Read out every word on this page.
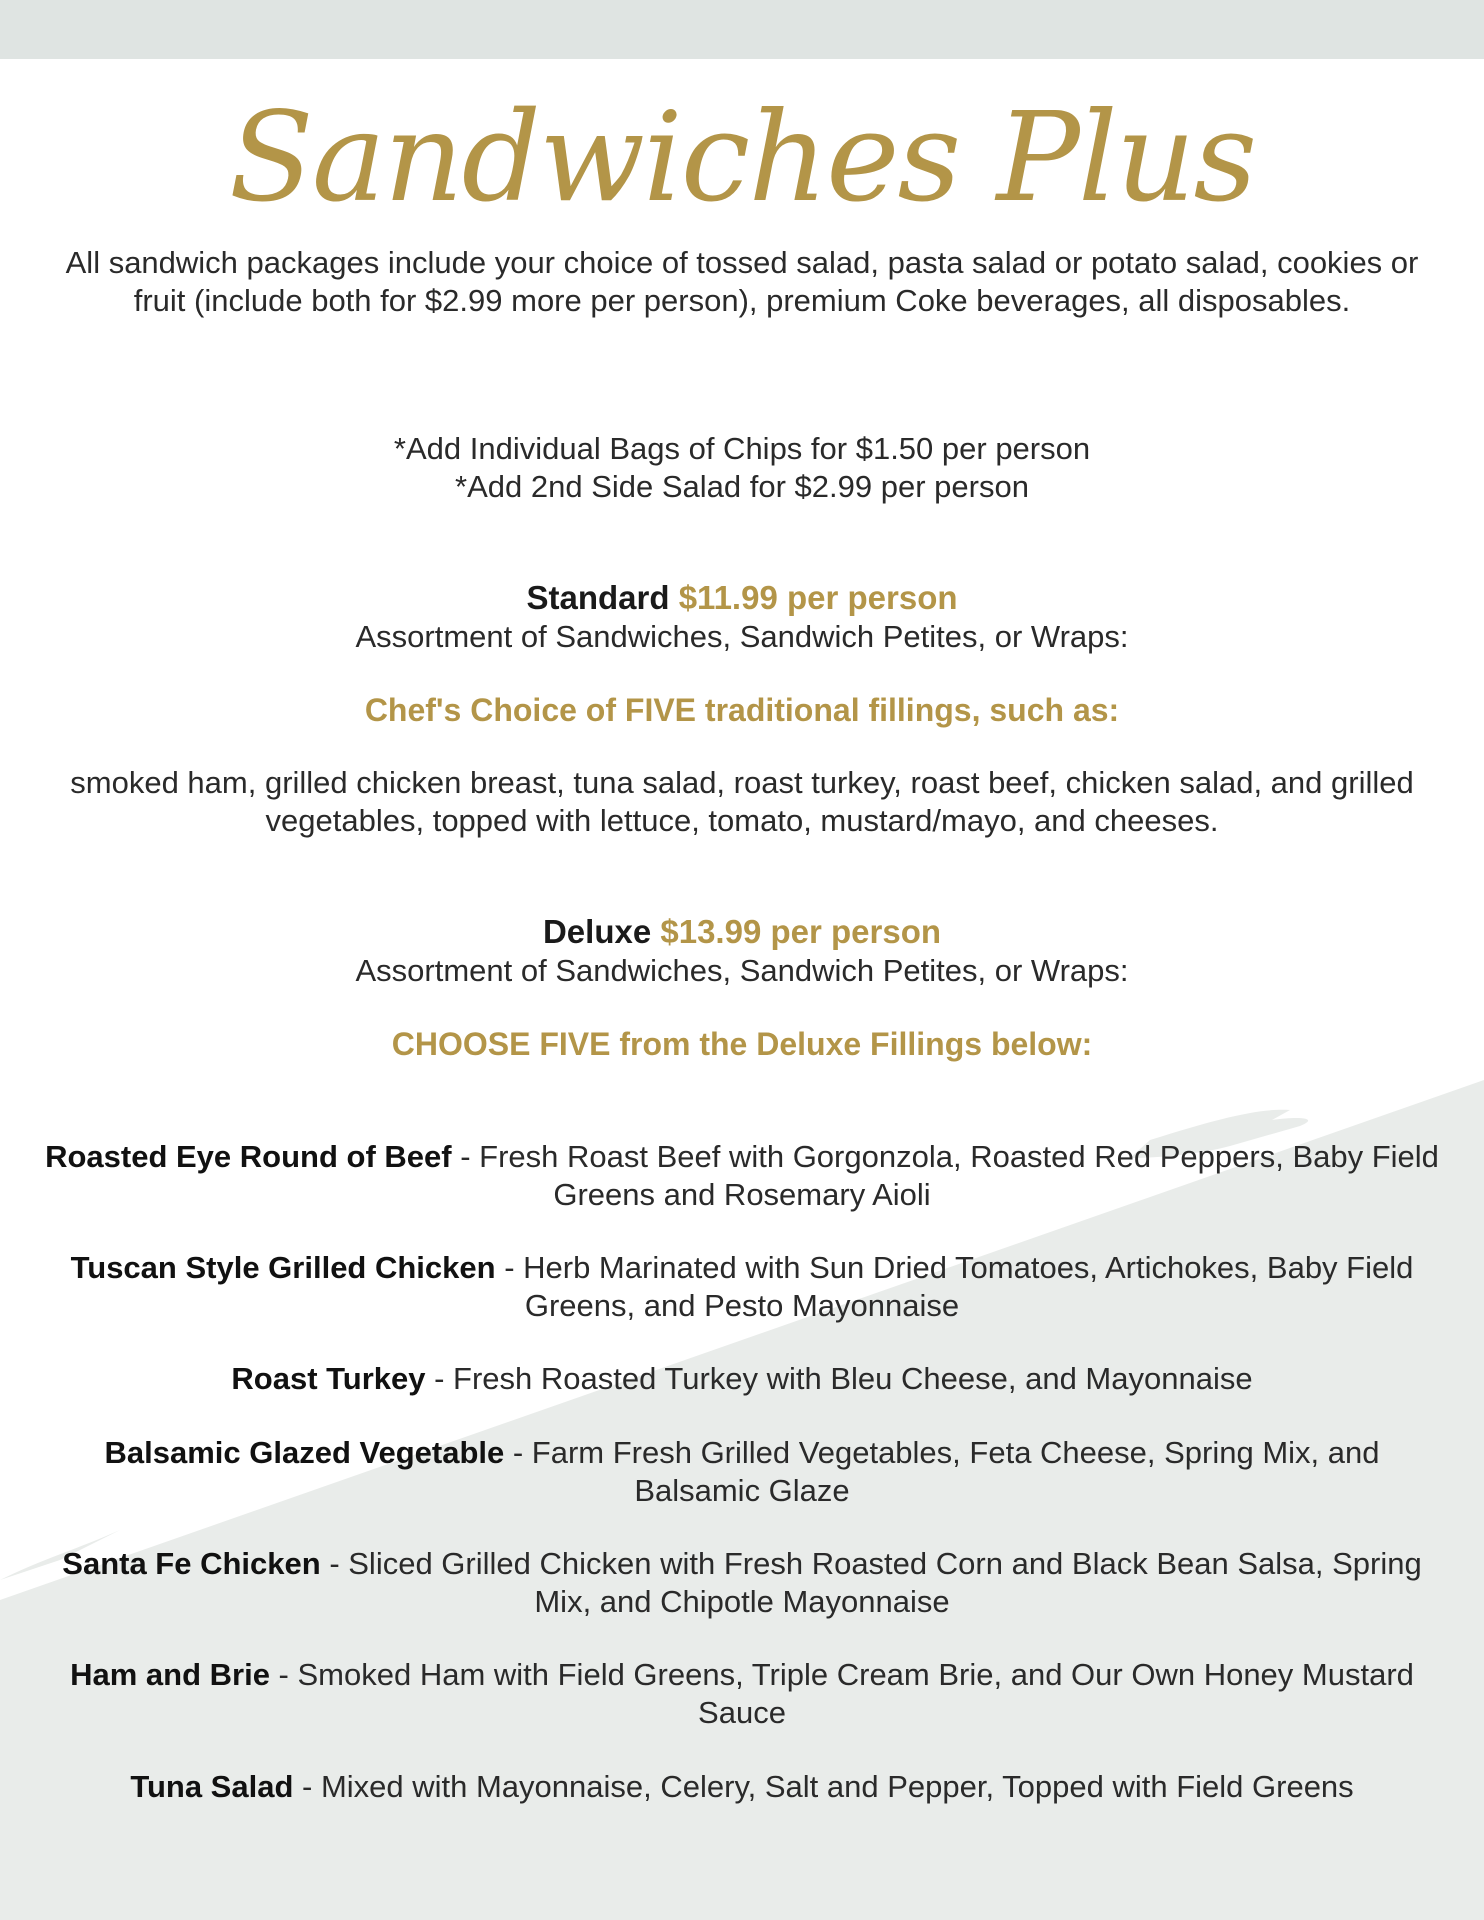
Sandwiches Plus
All sandwich packages include your choice of tossed salad, pasta salad or potato salad, cookies or fruit (include both for $2.99 more per person), premium Coke beverages, all disposables.
*Add Individual Bags of Chips for $1.50 per person
*Add 2nd Side Salad for $2.99 per person
Standard $11.99 per person
Assortment of Sandwiches, Sandwich Petites, or Wraps:
Chef's Choice of FIVE traditional fillings, such as:
smoked ham, grilled chicken breast, tuna salad, roast turkey, roast beef, chicken salad, and grilled vegetables, topped with lettuce, tomato, mustard/mayo, and cheeses.
Deluxe $13.99 per person
Assortment of Sandwiches, Sandwich Petites, or Wraps:
CHOOSE FIVE from the Deluxe Fillings below:
Roasted Eye Round of Beef - Fresh Roast Beef with Gorgonzola, Roasted Red Peppers, Baby Field Greens and Rosemary Aioli
Tuscan Style Grilled Chicken - Herb Marinated with Sun Dried Tomatoes, Artichokes, Baby Field Greens, and Pesto Mayonnaise
Roast Turkey - Fresh Roasted Turkey with Bleu Cheese, and Mayonnaise
Balsamic Glazed Vegetable - Farm Fresh Grilled Vegetables, Feta Cheese, Spring Mix, and Balsamic Glaze
Santa Fe Chicken - Sliced Grilled Chicken with Fresh Roasted Corn and Black Bean Salsa, Spring Mix, and Chipotle Mayonnaise
Ham and Brie - Smoked Ham with Field Greens, Triple Cream Brie, and Our Own Honey Mustard Sauce
Tuna Salad - Mixed with Mayonnaise, Celery, Salt and Pepper, Topped with Field Greens
